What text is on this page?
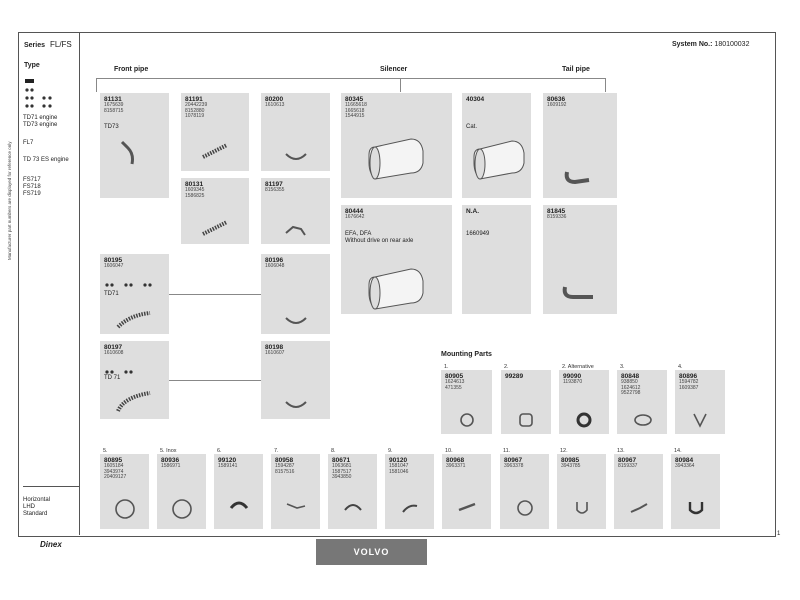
Series FL/FS	System No.: 180100032
Type
TD71 engine
TD73 engine
FL7
TD 73 ES engine
FS717
FS718
FS719
Horizontal
LHD
Standard
Manufacturer part numbers are displayed for reference only
Front pipe	Silencer	Tail pipe
Mounting Parts
81131
1675639
8158715
TD73
81191
20442239
8152880
1078119
80200
1610613
80131
1609345
1586825
81197
8156355
80345
11665618
1665618
1544915
40304
Cat.
80636
1609192
80444
1676642
EFA, DFA
Without drive on rear axle
N.A.
1660949
81845
8159336
80195
1606047
TD71
80196
1606048
80197
1610608
TD 71
80198
1610607
1.
80905
1624613
471355
2.
99289
2. Alternative
99090
1193870
3.
80848
938850
1624612
9522798
4.
80896
1594782
1609387
5.
80895
1605184
3943974
20409127
5. Inox
80936
1586971
6.
99120
1589141
7.
80958
1594287
8157516
8.
80671
1063681
1587517
3943850
9.
90120
1581047
1581046
10.
80968
3963371
11.
80967
3963378
12.
80985
3943785
13.
80967
8159337
14.
80984
3943364
Dinex
VOLVO
1
